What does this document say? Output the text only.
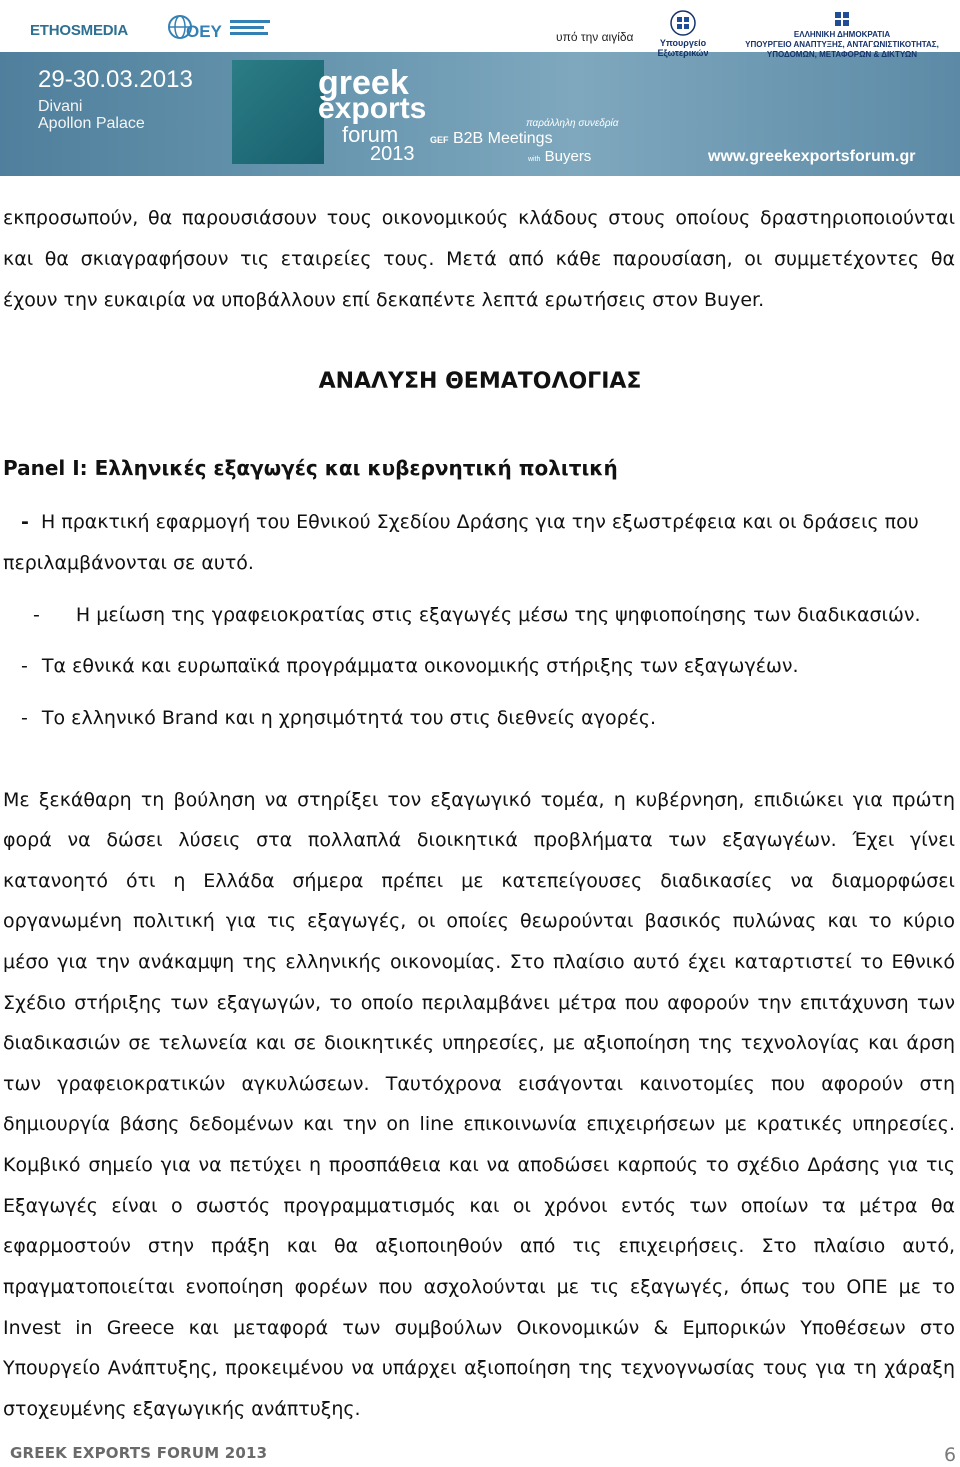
ETHOSMEDIA	ΟΕΥ	υπό την αιγίδα	Υπουργείο Εξωτερικών
ΕΛΛΗΝΙΚΗ ΔΗΜΟΚΡΑΤΙΑ
ΥΠΟΥΡΓΕΙΟ ΑΝΑΠΤΥΞΗΣ, ΑΝΤΑΓΩΝΙΣΤΙΚΟΤΗΤΑΣ,
ΥΠΟΔΟΜΩΝ, ΜΕΤΑΦΟΡΩΝ & ΔΙΚΤΥΩΝ
29-30.03.2013
Divani
Apollon Palace
greek
exports
forum
2013
παράλληλη συνεδρία
GEF B2B Meetings
with Buyers	www.greekexportsforum.gr

εκπροσωπούν, θα παρουσιάσουν τους οικονομικούς κλάδους στους οποίους δραστηριοποιούνται

και θα σκιαγραφήσουν τις εταιρείες τους. Μετά από κάθε παρουσίαση, οι συμμετέχοντες θα

έχουν την ευκαιρία να υποβάλλουν επί δεκαπέντε λεπτά ερωτήσεις στον Buyer.

ΑΝΑΛΥΣΗ ΘΕΜΑΤΟΛΟΓΙΑΣ
Panel I: Ελληνικές εξαγωγές και κυβερνητική πολιτική

- Η πρακτική εφαρμογή του Εθνικού Σχεδίου Δράσης για την εξωστρέφεια και οι δράσεις που

περιλαμβάνονται σε αυτό.

- Η μείωση της γραφειοκρατίας στις εξαγωγές μέσω της ψηφιοποίησης των διαδικασιών.

- Τα εθνικά και ευρωπαϊκά προγράμματα οικονομικής στήριξης των εξαγωγέων.

- Το ελληνικό Brand και η χρησιμότητά του στις διεθνείς αγορές.

Με ξεκάθαρη τη βούληση να στηρίξει τον εξαγωγικό τομέα, η κυβέρνηση, επιδιώκει για πρώτη

φορά να δώσει λύσεις στα πολλαπλά διοικητικά προβλήματα των εξαγωγέων. Έχει γίνει

κατανοητό ότι η Ελλάδα σήμερα πρέπει με κατεπείγουσες διαδικασίες να διαμορφώσει

οργανωμένη πολιτική για τις εξαγωγές, οι οποίες θεωρούνται βασικός πυλώνας και το κύριο

μέσο για την ανάκαμψη της ελληνικής οικονομίας. Στο πλαίσιο αυτό έχει καταρτιστεί το Εθνικό

Σχέδιο στήριξης των εξαγωγών, το οποίο περιλαμβάνει μέτρα που αφορούν την επιτάχυνση των

διαδικασιών σε τελωνεία και σε διοικητικές υπηρεσίες, με αξιοποίηση της τεχνολογίας και άρση

των γραφειοκρατικών αγκυλώσεων. Ταυτόχρονα εισάγονται καινοτομίες που αφορούν στη

δημιουργία βάσης δεδομένων και την on line επικοινωνία επιχειρήσεων με κρατικές υπηρεσίες.

Κομβικό σημείο για να πετύχει η προσπάθεια και να αποδώσει καρπούς το σχέδιο Δράσης για τις

Εξαγωγές είναι ο σωστός προγραμματισμός και οι χρόνοι εντός των οποίων τα μέτρα θα

εφαρμοστούν στην πράξη και θα αξιοποιηθούν από τις επιχειρήσεις. Στο πλαίσιο αυτό,

πραγματοποιείται ενοποίηση φορέων που ασχολούνται με τις εξαγωγές, όπως του ΟΠΕ με το

Invest in Greece και μεταφορά των συμβούλων Οικονομικών & Εμπορικών Υποθέσεων στο

Υπουργείο Ανάπτυξης, προκειμένου να υπάρχει αξιοποίηση της τεχνογνωσίας τους για τη χάραξη

στοχευμένης εξαγωγικής ανάπτυξης.

GREEK EXPORTS FORUM 2013	6
